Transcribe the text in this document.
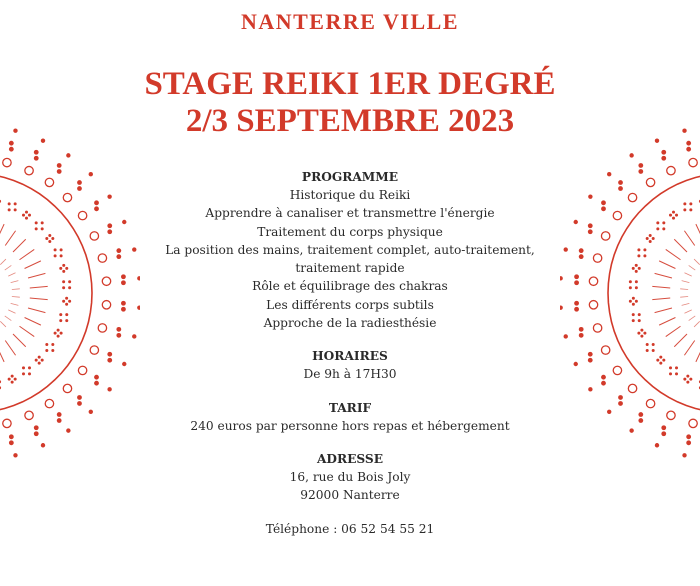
NANTERRE VILLE
STAGE REIKI 1ER DEGRÉ
2/3 SEPTEMBRE 2023
PROGRAMME
Historique du Reiki
Apprendre à canaliser et transmettre l'énergie
Traitement du corps physique
La position des mains, traitement complet, auto-traitement,
traitement rapide
Rôle et équilibrage des chakras
Les différents corps subtils
Approche de la radiesthésie
HORAIRES
De 9h à 17H30
TARIF
240 euros par personne hors repas et hébergement
ADRESSE
16, rue du Bois Joly
92000 Nanterre
Téléphone : 06 52 54 55 21
